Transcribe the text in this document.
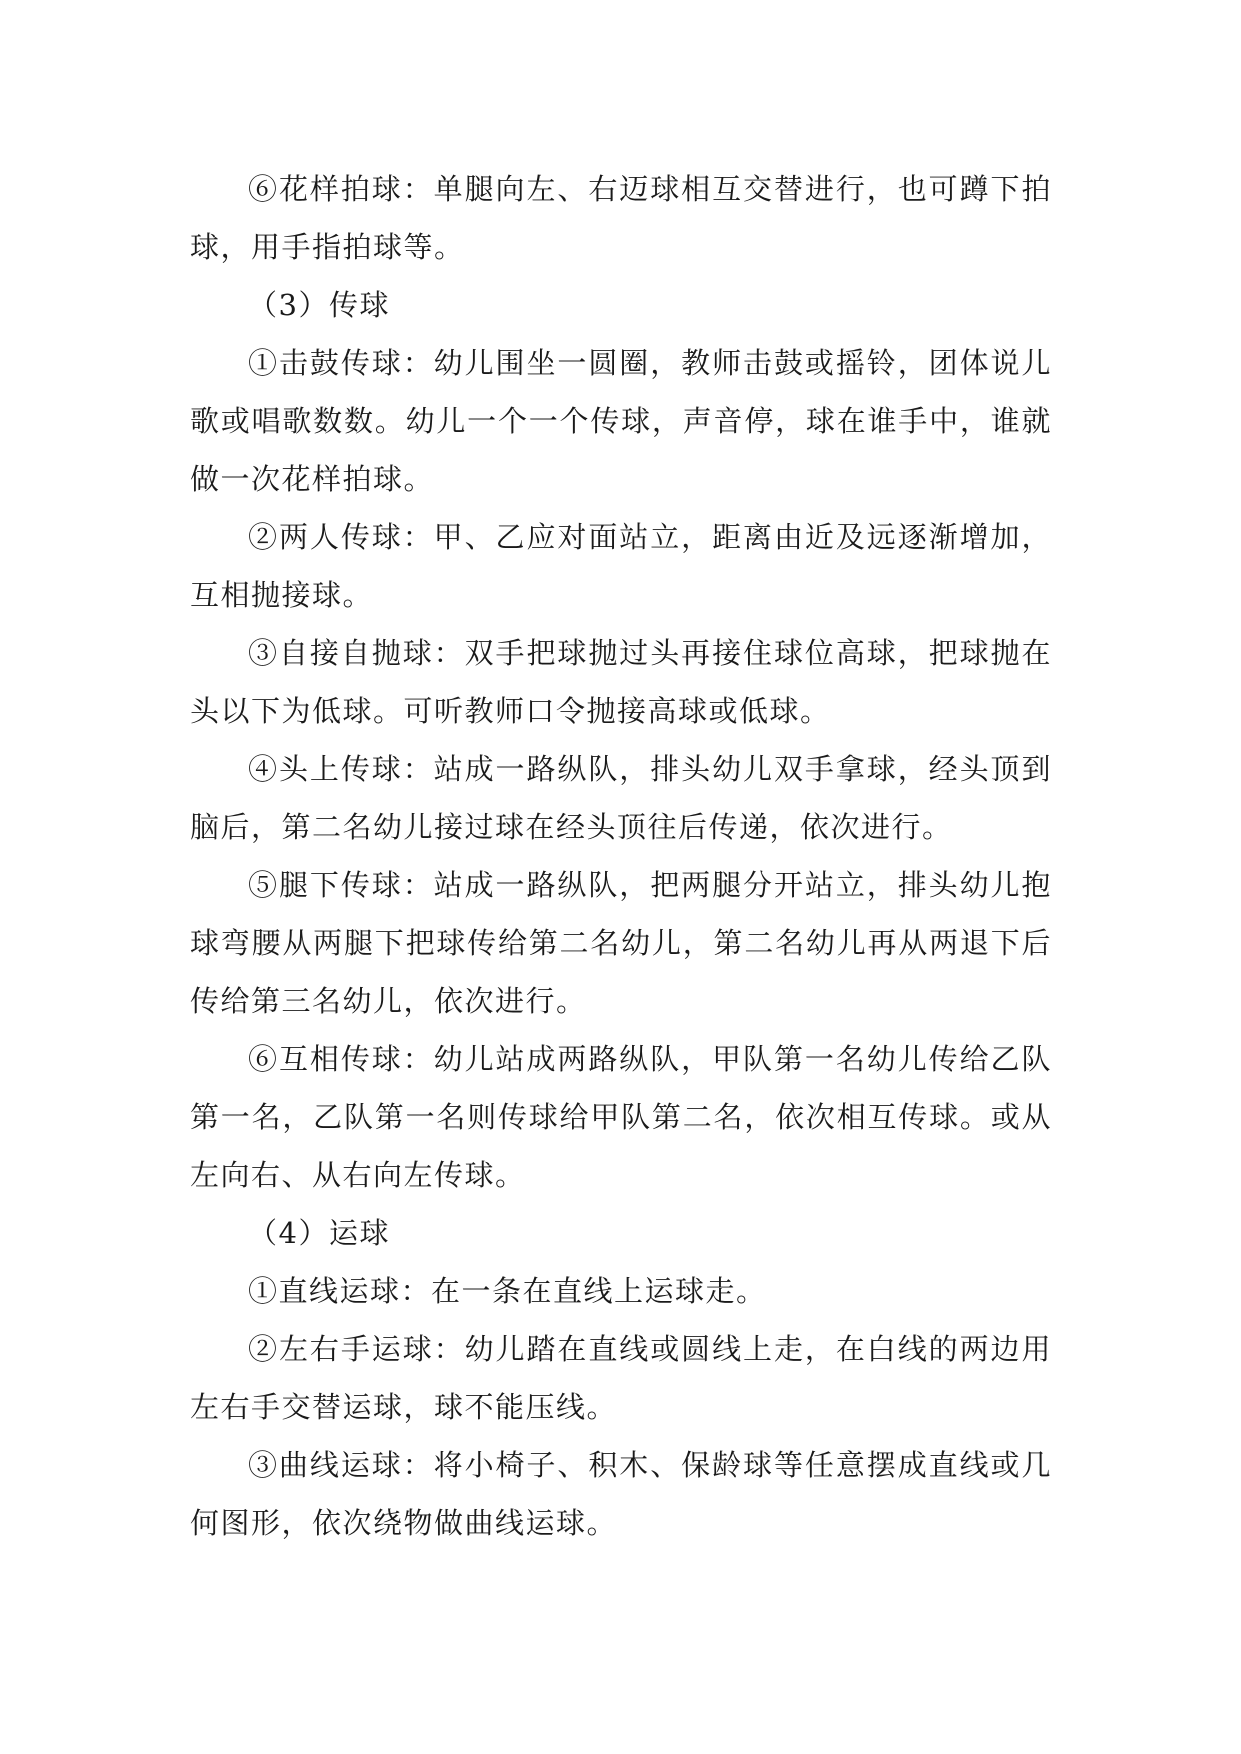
⑥花样拍球：单腿向左、右迈球相互交替进行，也可蹲下拍球，用手指拍球等。

（3）传球

①击鼓传球：幼儿围坐一圆圈，教师击鼓或摇铃，团体说儿歌或唱歌数数。幼儿一个一个传球，声音停，球在谁手中，谁就做一次花样拍球。

②两人传球：甲、乙应对面站立，距离由近及远逐渐增加，互相抛接球。

③自接自抛球：双手把球抛过头再接住球位高球，把球抛在头以下为低球。可听教师口令抛接高球或低球。

④头上传球：站成一路纵队，排头幼儿双手拿球，经头顶到脑后，第二名幼儿接过球在经头顶往后传递，依次进行。

⑤腿下传球：站成一路纵队，把两腿分开站立，排头幼儿抱球弯腰从两腿下把球传给第二名幼儿，第二名幼儿再从两退下后传给第三名幼儿，依次进行。

⑥互相传球：幼儿站成两路纵队，甲队第一名幼儿传给乙队第一名，乙队第一名则传球给甲队第二名，依次相互传球。或从左向右、从右向左传球。

（4）运球

①直线运球：在一条在直线上运球走。

②左右手运球：幼儿踏在直线或圆线上走，在白线的两边用左右手交替运球，球不能压线。

③曲线运球：将小椅子、积木、保龄球等任意摆成直线或几何图形，依次绕物做曲线运球。
